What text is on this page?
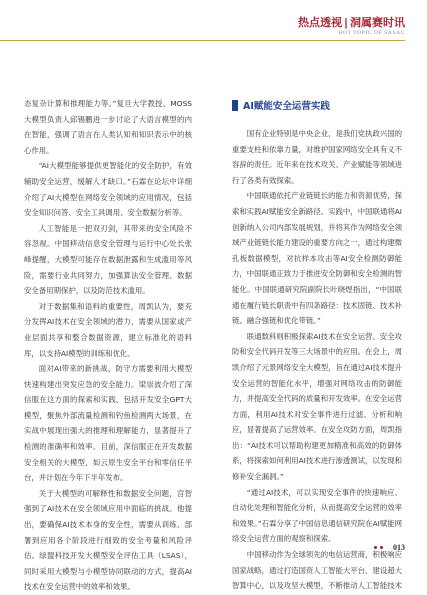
热点透视 | 洞属赛时讯
HOT TOPIC OF SASAC

态复杂计算和推理能力等。”复旦大学教授、MOSS大模型负责人邱锡鹏进一步讨论了大语言模型的内在智能，强调了语言在人类认知和知识表示中的核心作用。

“AI大模型能够提供更智能化的安全防护，有效辅助安全运营，缓解人才缺口。”石霖在论坛中详细介绍了AI大模型在网络安全领域的应用情况，包括安全知识问答、安全工具调用、安全数据分析等。

人工智能是一把双刃剑，其带来的安全风险不容忽视。中国移动信息安全管理与运行中心处长张峰提醒，大模型可能存在数据泄露和生成滥用等风险，需要行业共同努力，加强算法安全管理、数据安全备用期保护，以及防范技术滥用。

对于数据集和语料的重要性，周凯认为，要充分发挥AI技术在安全领域的潜力，需要从国家或产业层面共享和整合数据资源，建立标准化的语料库，以支持AI模型的训练和优化。

面对AI带来的新挑战，防守方需要利用大模型快速构建出突发应急的安全能力。梁崇波介绍了深信服在这方面的探索和实践，包括开发安全GPT大模型，聚焦外部流量检测和钓鱼检测两大场景，在实战中展现出强大的推理和理解能力，显著提升了检测的准确率和效率。目前，深信服正在开发数据安全相关的大模型，如云原生安全平台和零信任平台，并计划在今年下半年发布。

关于大模型的可解释性和数据安全问题，宫智强到了AI技术在安全领域应用中面临的挑战。他提出，要确保AI技术本身的安全性，需要从训练、部署到应用各个阶段进行细致的安全考量和风险评估。绿盟科技开发大模型安全评估工具（LSAS），同时采用大模型与小模型协同联动的方式，提高AI技术在安全运营中的效率和效果。

AI赋能安全运营实践

国有企业特别是中央企业，是我们党执政兴国的重要支柱和依靠力量，对维护国家网络安全具有义不容辞的责任。近年来在技术攻关、产业赋能等领域进行了各类有效探索。

中国联通依托产业链链长的能力和资源优势，探索和实践AI赋能安全新路径。实践中，中国联通将AI创新纳入公司内部发展规划，并将其作为网络安全领域产业链链长能力建设的重要方向之一，通过构建微孔板数据模型，对抗样本攻击等AI安全检测防御能力，中国联通正致力于推进安全防御和安全检测的智能化。中国联通研究院副院长叶晓煜指出，“中国联通在履行链长职责中有四条路径：技术固链、技术补链、融合强链和优化带链。”

联通数科则积极探索AI技术在安全运营、安全攻防和安全代码开发等三大场景中的应用。在会上，周凯介绍了元景网络安全大模型，旨在通过AI技术提升安全运营的智能化水平，增强对网络攻击的防御能力，并提高安全代码的质量和开发效率。在安全运营方面，利用AI技术对安全事件进行过滤、分析和响应，显著提高了运营效率。在安全攻防方面，周凯指出：“AI技术可以帮助构建更加精准和高效的防御体系，将探索如何利用AI技术进行渗透测试，以发现和修补安全漏洞。”

“通过AI技术，可以实现安全事件的快速响应、自动化处理和智能化分析，从而提高安全运营的效率和效果。”石霖分享了中国信息通信研究院在AI赋能网络安全运营方面的观察和探索。

中国移动作为全球领先的电信运营商，积极响应国家战略，通过打造国资人工智能大平台、建设超大智算中心，以及攻坚大模型，不断推动人工智能技术

013
